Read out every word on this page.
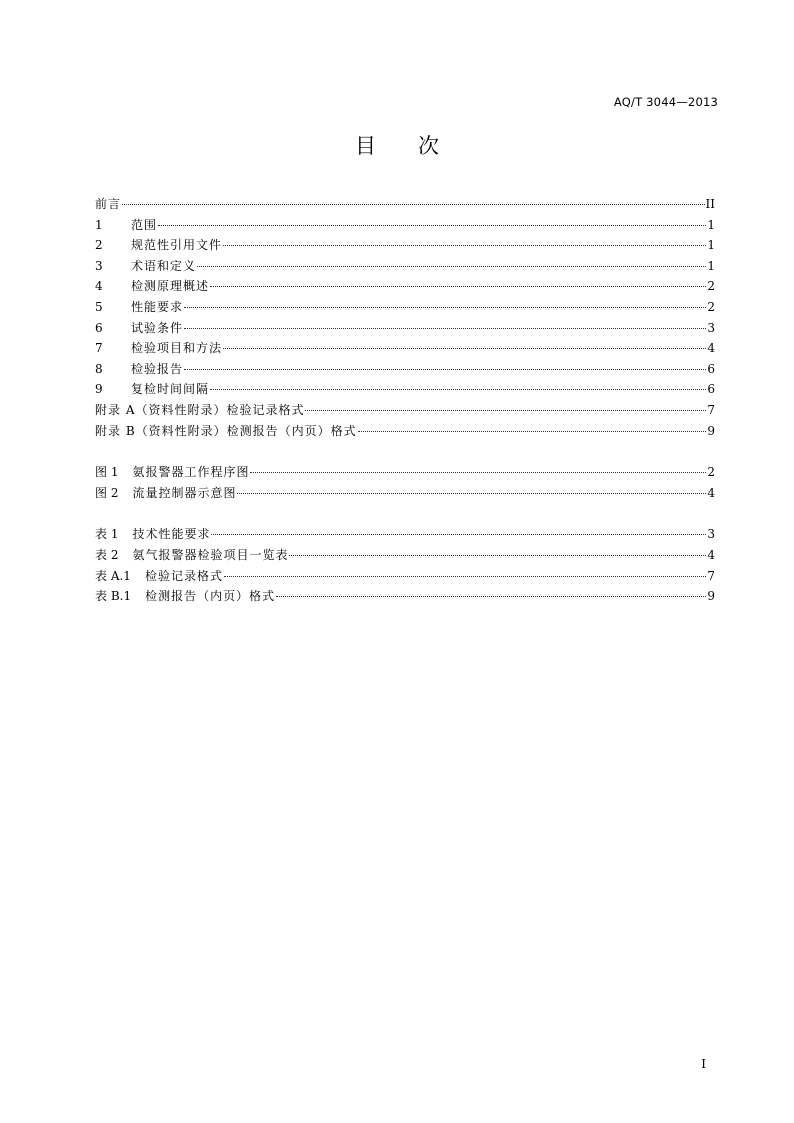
AQ/T 3044—2013
目 次
前言	II
1 范围	1
2 规范性引用文件	1
3 术语和定义	1
4 检测原理概述	2
5 性能要求	2
6 试验条件	3
7 检验项目和方法	4
8 检验报告	6
9 复检时间间隔	6
附录 A（资料性附录）检验记录格式	7
附录 B（资料性附录）检测报告（内页）格式	9
图 1 氨报警器工作程序图	2
图 2 流量控制器示意图	4
表 1 技术性能要求	3
表 2 氨气报警器检验项目一览表	4
表 A.1 检验记录格式	7
表 B.1 检测报告（内页）格式	9
I
